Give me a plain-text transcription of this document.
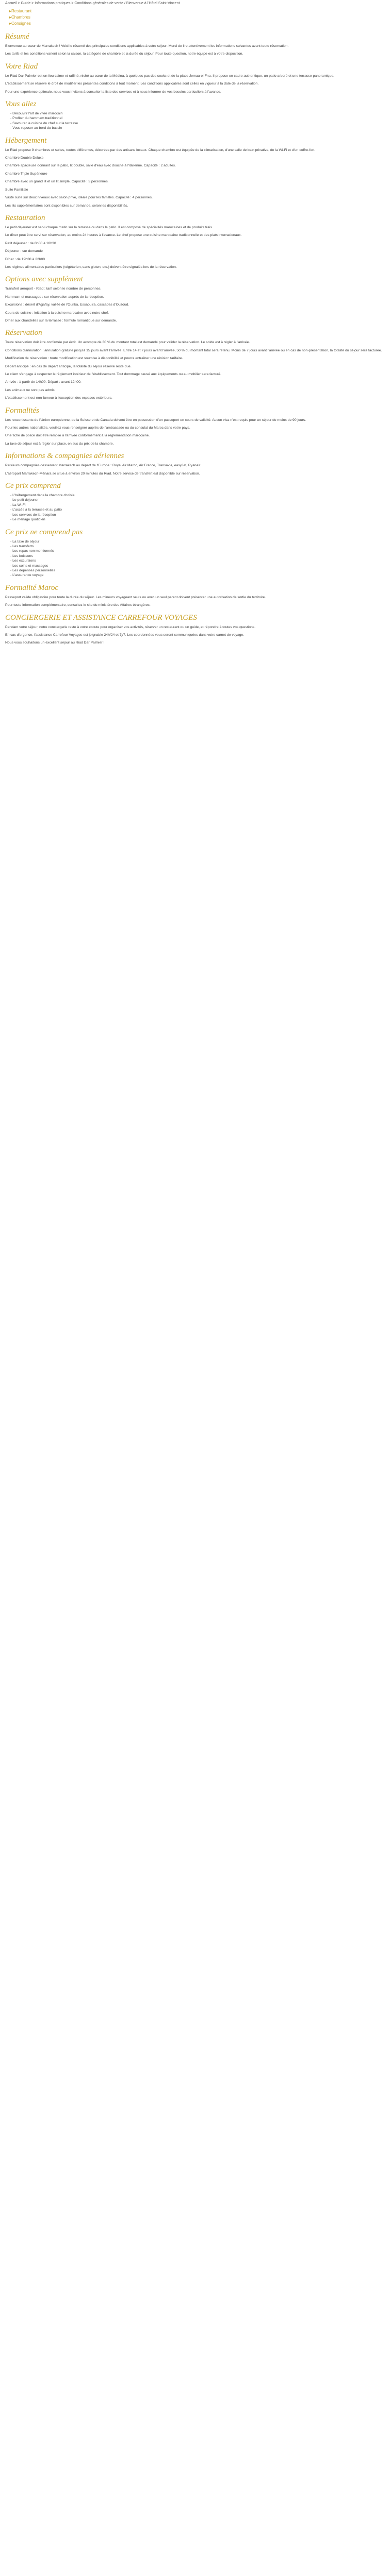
Accueil > Guide > Informations pratiques > Conditions générales de vente / Bienvenue à l'Hôtel Saint-Vincent
▸ Restaurant
▸ Chambres
▸ Consignes
Résumé

Bienvenue au cœur de Marrakech ! Voici le résumé des principales conditions applicables à votre séjour. Merci de lire attentivement les informations suivantes avant toute réservation.

Les tarifs et les conditions varient selon la saison, la catégorie de chambre et la durée du séjour. Pour toute question, notre équipe est à votre disposition.

Votre Riad

Le Riad Dar Palmier est un lieu calme et raffiné, niché au cœur de la Médina, à quelques pas des souks et de la place Jemaa el-Fna. Il propose un cadre authentique, un patio arboré et une terrasse panoramique.

L'établissement se réserve le droit de modifier les présentes conditions à tout moment. Les conditions applicables sont celles en vigueur à la date de la réservation.

Pour une expérience optimale, nous vous invitons à consulter la liste des services et à nous informer de vos besoins particuliers à l'avance.

Vous allez
- Découvrir l'art de vivre marocain
- Profiter du hammam traditionnel
- Savourer la cuisine du chef sur la terrasse
- Vous reposer au bord du bassin
Hébergement

Le Riad propose 9 chambres et suites, toutes différentes, décorées par des artisans locaux. Chaque chambre est équipée de la climatisation, d'une salle de bain privative, de la Wi-Fi et d'un coffre-fort.

Chambre Double Deluxe

Chambre spacieuse donnant sur le patio, lit double, salle d'eau avec douche à l'italienne. Capacité : 2 adultes.

Chambre Triple Supérieure

Chambre avec un grand lit et un lit simple. Capacité : 3 personnes.

Suite Familiale

Vaste suite sur deux niveaux avec salon privé, idéale pour les familles. Capacité : 4 personnes.

Les lits supplémentaires sont disponibles sur demande, selon les disponibilités.

Restauration

Le petit déjeuner est servi chaque matin sur la terrasse ou dans le patio. Il est composé de spécialités marocaines et de produits frais.

Le dîner peut être servi sur réservation, au moins 24 heures à l'avance. Le chef propose une cuisine marocaine traditionnelle et des plats internationaux.

Petit déjeuner : de 8h00 à 10h30

Déjeuner : sur demande

Dîner : de 19h30 à 22h00

Les régimes alimentaires particuliers (végétarien, sans gluten, etc.) doivent être signalés lors de la réservation.

Options avec supplément

Transfert aéroport - Riad : tarif selon le nombre de personnes.

Hammam et massages : sur réservation auprès de la réception.

Excursions : désert d'Agafay, vallée de l'Ourika, Essaouira, cascades d'Ouzoud.

Cours de cuisine : initiation à la cuisine marocaine avec notre chef.

Dîner aux chandelles sur la terrasse : formule romantique sur demande.

Réservation

Toute réservation doit être confirmée par écrit. Un acompte de 30 % du montant total est demandé pour valider la réservation. Le solde est à régler à l'arrivée.

Conditions d'annulation : annulation gratuite jusqu'à 15 jours avant l'arrivée. Entre 14 et 7 jours avant l'arrivée, 50 % du montant total sera retenu. Moins de 7 jours avant l'arrivée ou en cas de non-présentation, la totalité du séjour sera facturée.

Modification de réservation : toute modification est soumise à disponibilité et pourra entraîner une révision tarifaire.

Départ anticipé : en cas de départ anticipé, la totalité du séjour réservé reste due.

Le client s'engage à respecter le règlement intérieur de l'établissement. Tout dommage causé aux équipements ou au mobilier sera facturé.

Arrivée : à partir de 14h00. Départ : avant 12h00.

Les animaux ne sont pas admis.

L'établissement est non-fumeur à l'exception des espaces extérieurs.

Formalités

Les ressortissants de l'Union européenne, de la Suisse et du Canada doivent être en possession d'un passeport en cours de validité. Aucun visa n'est requis pour un séjour de moins de 90 jours.

Pour les autres nationalités, veuillez vous renseigner auprès de l'ambassade ou du consulat du Maroc dans votre pays.

Une fiche de police doit être remplie à l'arrivée conformément à la réglementation marocaine.

La taxe de séjour est à régler sur place, en sus du prix de la chambre.

Informations & compagnies aériennes

Plusieurs compagnies desservent Marrakech au départ de l'Europe : Royal Air Maroc, Air France, Transavia, easyJet, Ryanair.

L'aéroport Marrakech-Ménara se situe à environ 20 minutes du Riad. Notre service de transfert est disponible sur réservation.

Ce prix comprend
- L'hébergement dans la chambre choisie
- Le petit déjeuner
- La Wi-Fi
- L'accès à la terrasse et au patio
- Les services de la réception
- Le ménage quotidien
Ce prix ne comprend pas
- La taxe de séjour
- Les transferts
- Les repas non mentionnés
- Les boissons
- Les excursions
- Les soins et massages
- Les dépenses personnelles
- L'assurance voyage
Formalité Maroc

Passeport valide obligatoire pour toute la durée du séjour. Les mineurs voyageant seuls ou avec un seul parent doivent présenter une autorisation de sortie du territoire.

Pour toute information complémentaire, consultez le site du ministère des Affaires étrangères.

CONCIERGERIE ET ASSISTANCE CARREFOUR VOYAGES

Pendant votre séjour, notre conciergerie reste à votre écoute pour organiser vos activités, réserver un restaurant ou un guide, et répondre à toutes vos questions.

En cas d'urgence, l'assistance Carrefour Voyages est joignable 24h/24 et 7j/7. Les coordonnées vous seront communiquées dans votre carnet de voyage.

Nous vous souhaitons un excellent séjour au Riad Dar Palmier !
